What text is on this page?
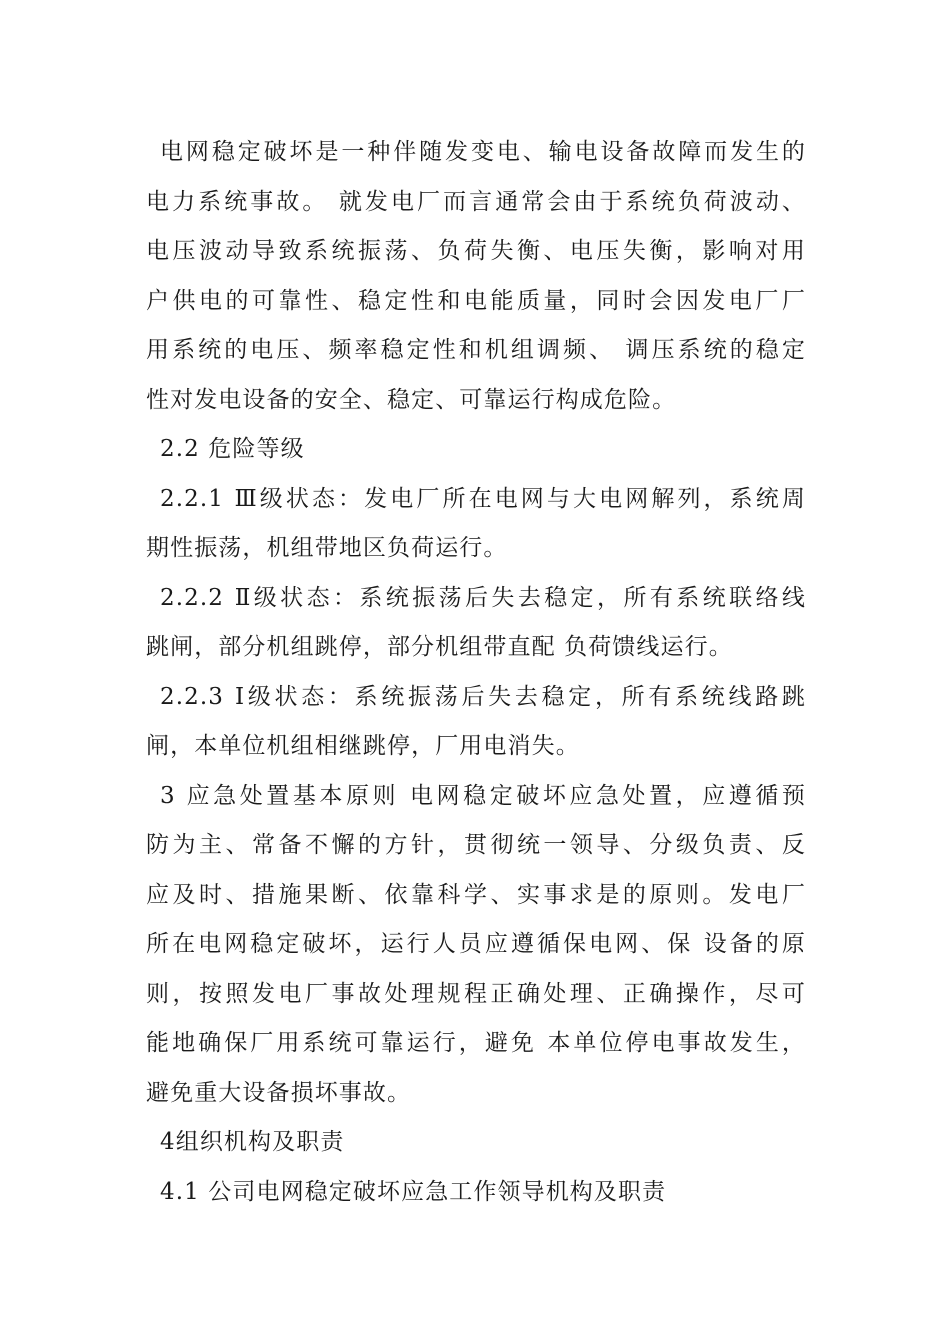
电网稳定破坏是一种伴随发变电、输电设备故障而发生的
电力系统事故。 就发电厂而言通常会由于系统负荷波动、
电压波动导致系统振荡、负荷失衡、电压失衡，影响对用
户供电的可靠性、稳定性和电能质量，同时会因发电厂厂
用系统的电压、频率稳定性和机组调频、 调压系统的稳定
性对发电设备的安全、稳定、可靠运行构成危险。
2.2 危险等级
2.2.1 Ⅲ级状态：发电厂所在电网与大电网解列，系统周
期性振荡，机组带地区负荷运行。
2.2.2 Ⅱ级状态：系统振荡后失去稳定，所有系统联络线
跳闸，部分机组跳停，部分机组带直配 负荷馈线运行。
2.2.3 Ⅰ级状态：系统振荡后失去稳定，所有系统线路跳
闸，本单位机组相继跳停，厂用电消失。
3 应急处置基本原则 电网稳定破坏应急处置，应遵循预
防为主、常备不懈的方针，贯彻统一领导、分级负责、反
应及时、措施果断、依靠科学、实事求是的原则。发电厂
所在电网稳定破坏，运行人员应遵循保电网、保 设备的原
则，按照发电厂事故处理规程正确处理、正确操作，尽可
能地确保厂用系统可靠运行，避免 本单位停电事故发生，
避免重大设备损坏事故。
4组织机构及职责
4.1 公司电网稳定破坏应急工作领导机构及职责
